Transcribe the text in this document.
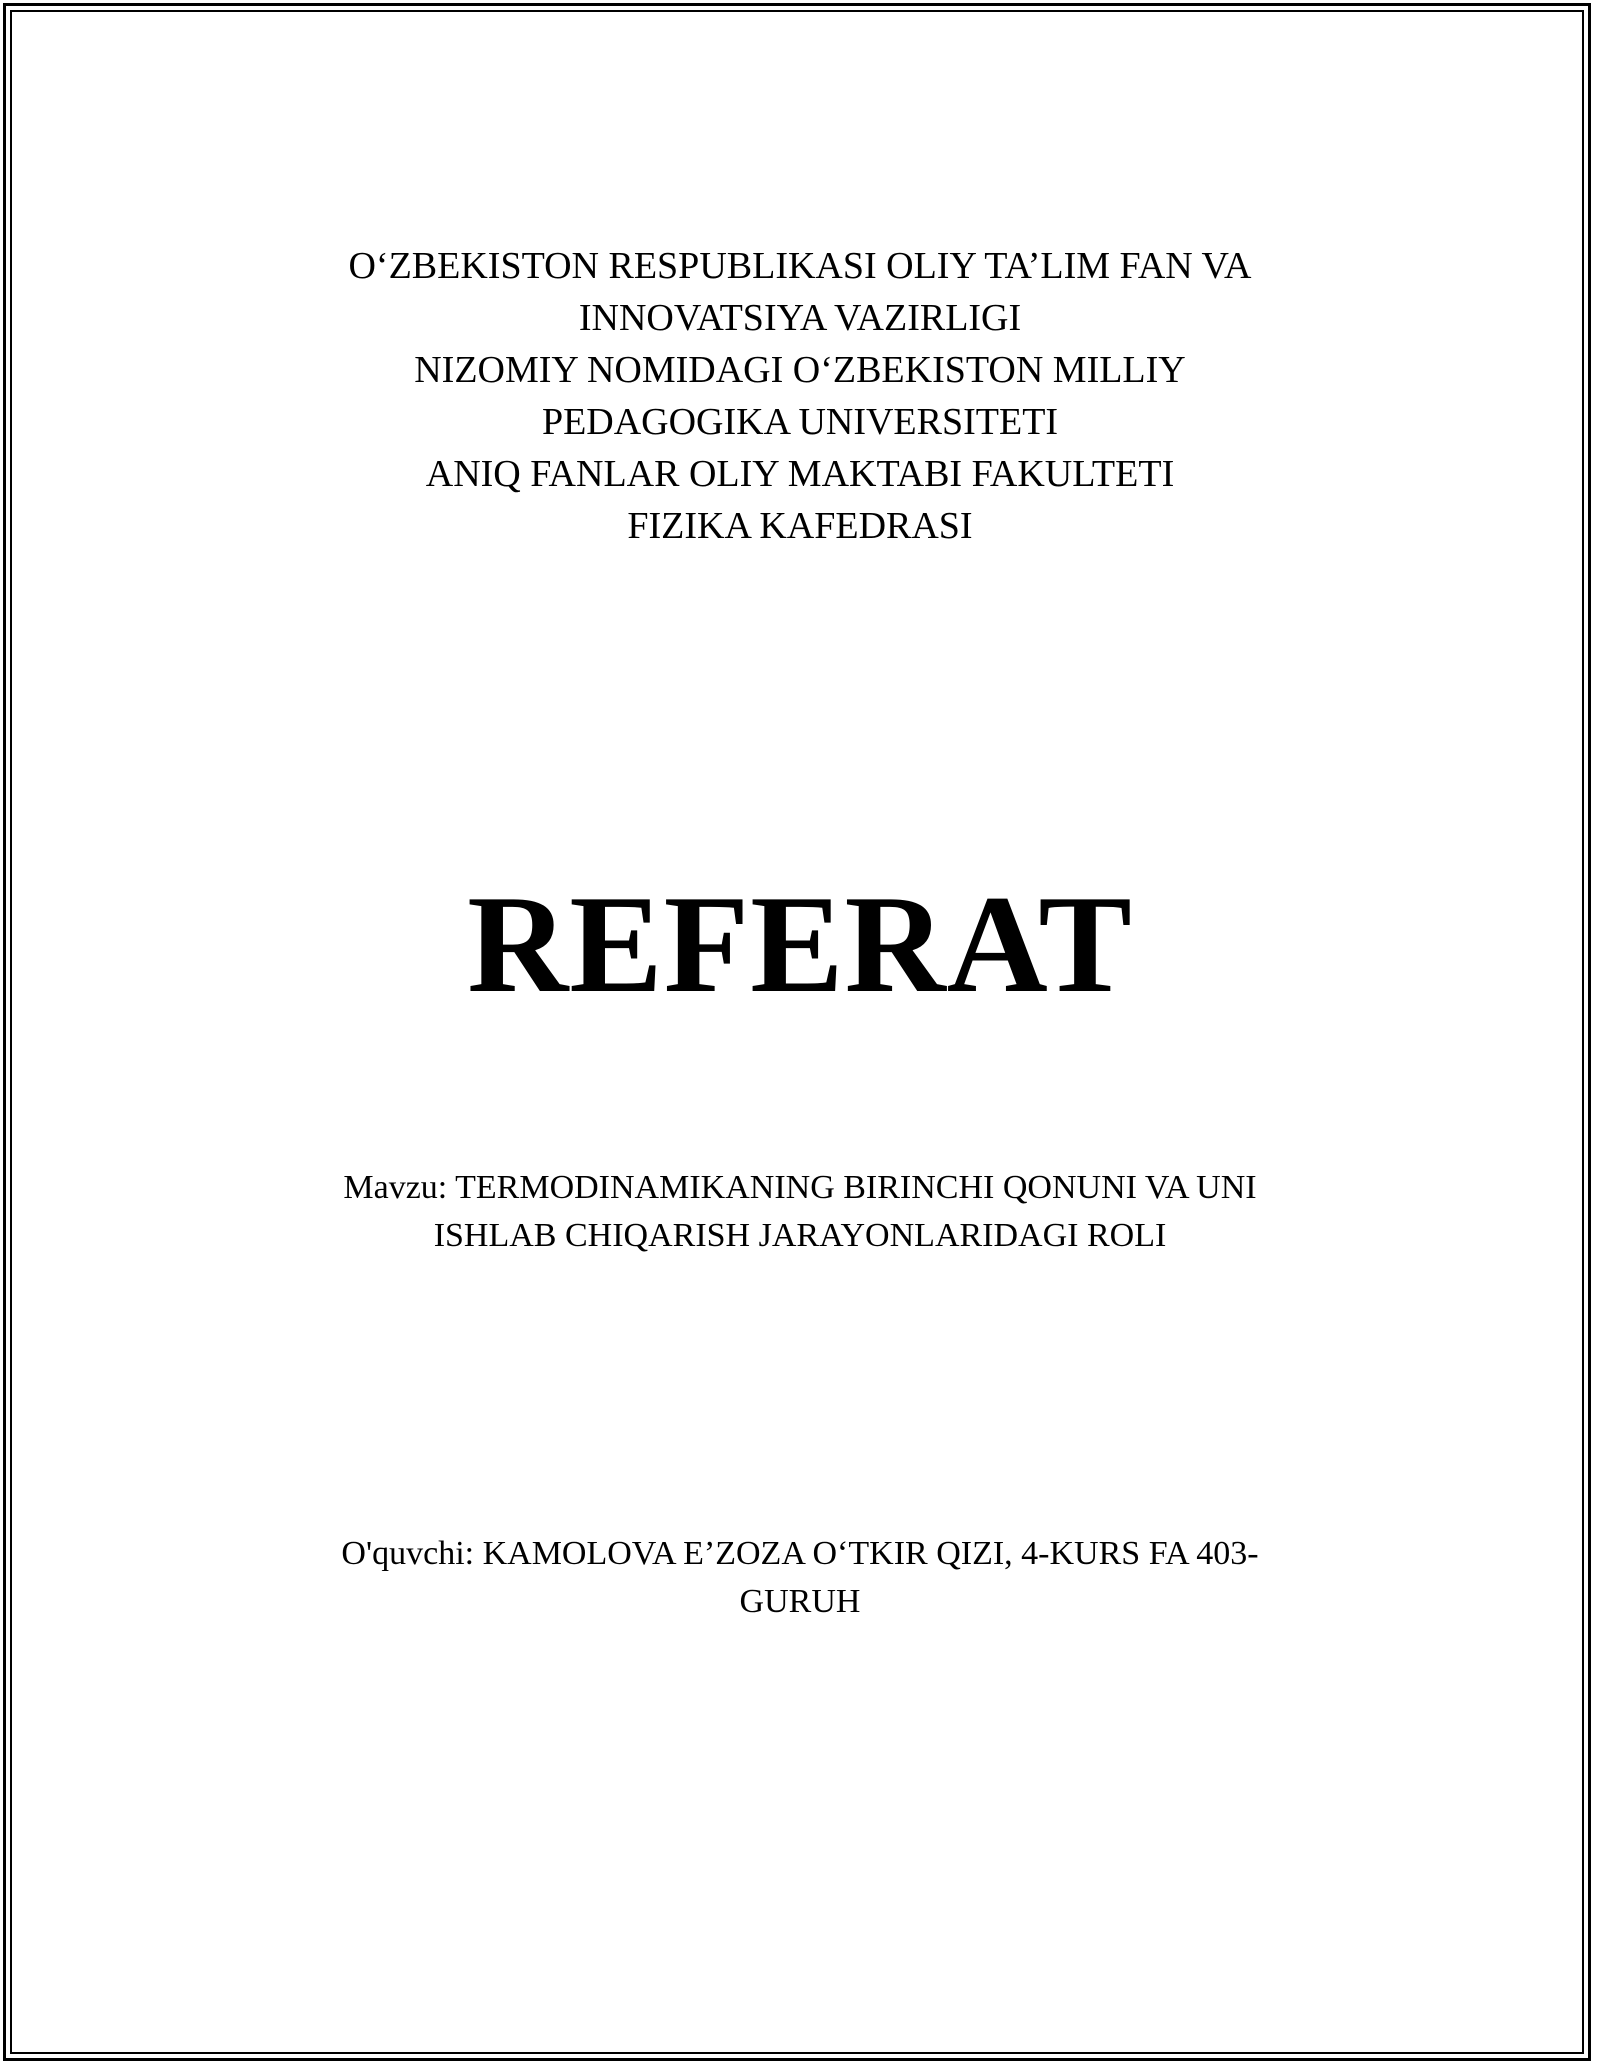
O‘ZBEKISTON RESPUBLIKASI OLIY TA’LIM FAN VA
INNOVATSIYA VAZIRLIGI
NIZOMIY NOMIDAGI O‘ZBEKISTON MILLIY
PEDAGOGIKA UNIVERSITETI
ANIQ FANLAR OLIY MAKTABI FAKULTETI
FIZIKA KAFEDRASI
REFERAT
Mavzu: TERMODINAMIKANING BIRINCHI QONUNI VA UNI
ISHLAB CHIQARISH JARAYONLARIDAGI ROLI
O'quvchi: KAMOLOVA E’ZOZA O‘TKIR QIZI, 4-KURS FA 403-
GURUH
